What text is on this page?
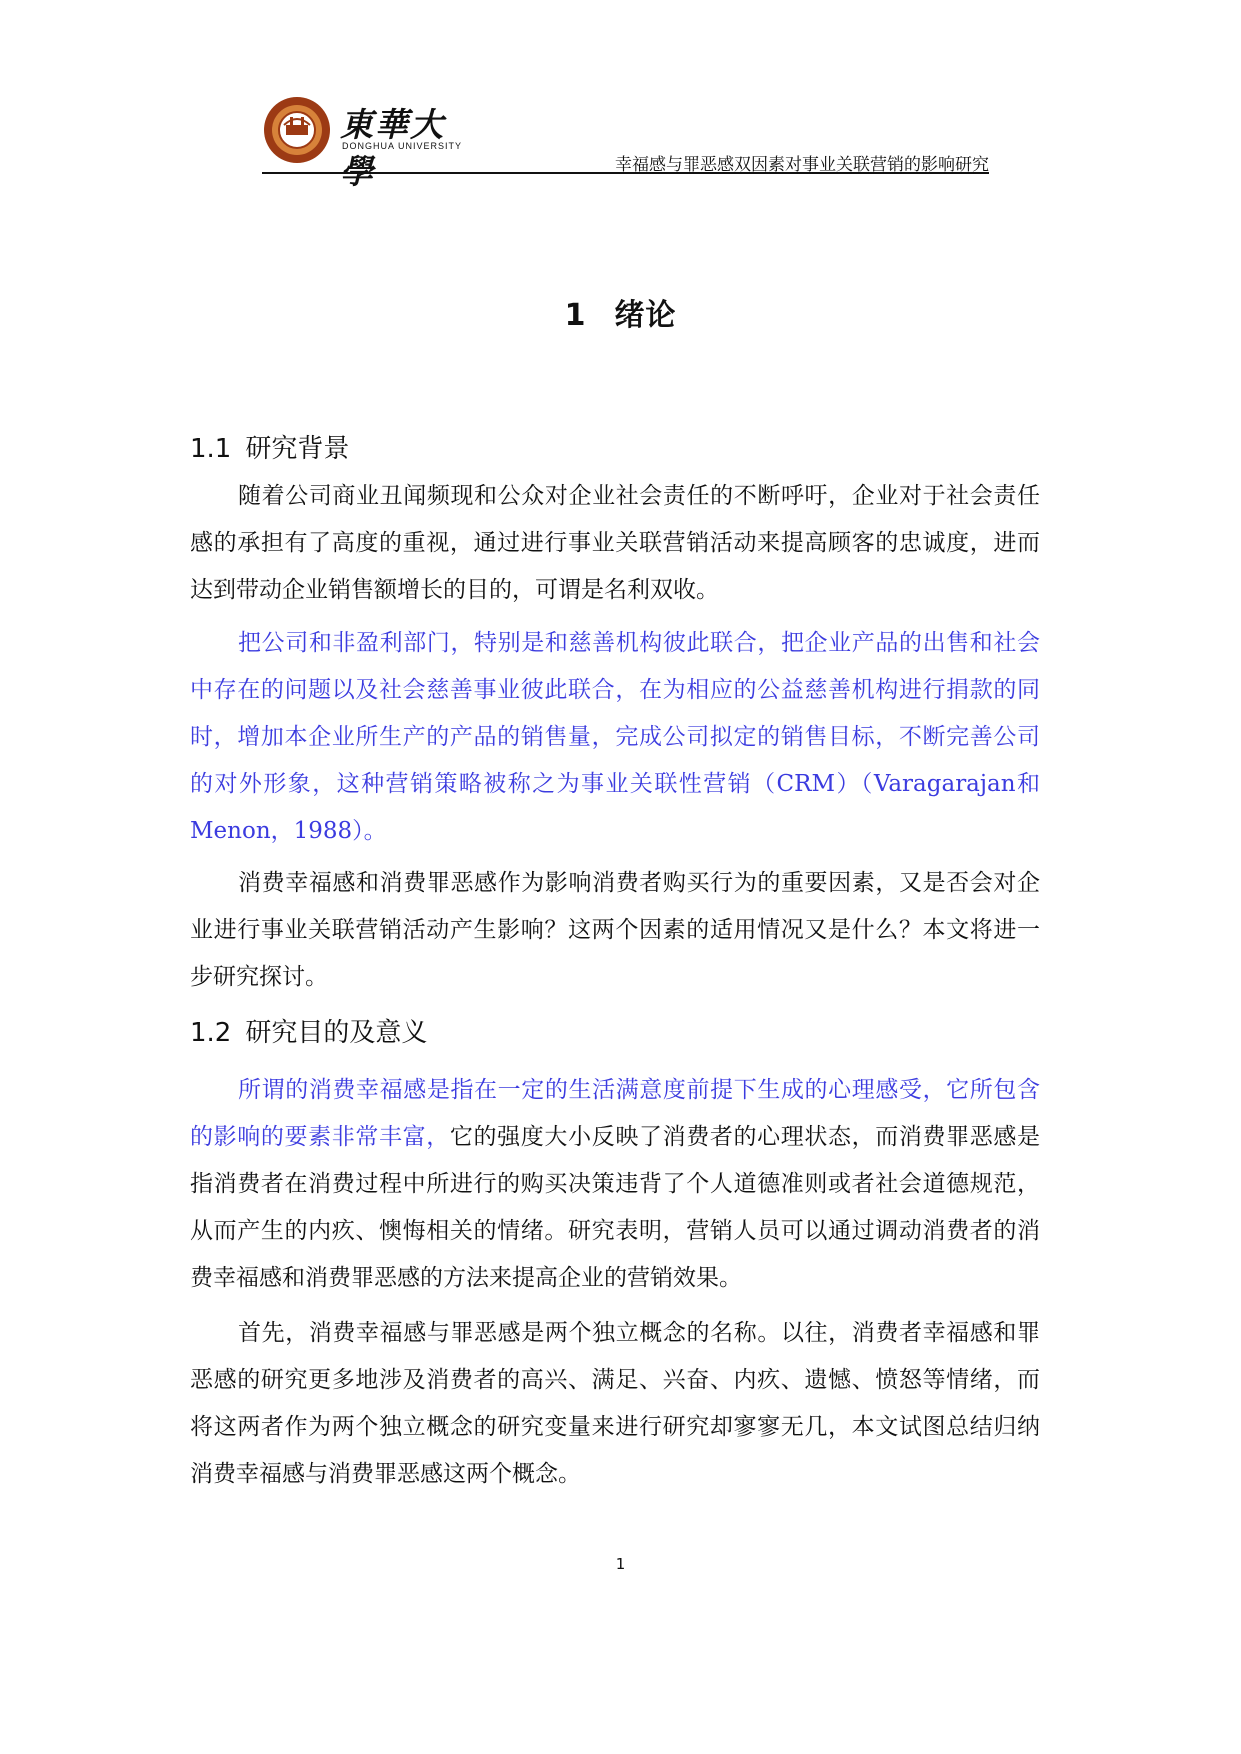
東華大學
DONGHUA UNIVERSITY
幸福感与罪恶感双因素对事业关联营销的影响研究
1 绪论
1.1 研究背景

随着公司商业丑闻频现和公众对企业社会责任的不断呼吁，企业对于社会责任感的承担有了高度的重视，通过进行事业关联营销活动来提高顾客的忠诚度，进而达到带动企业销售额增长的目的，可谓是名利双收。

把公司和非盈利部门，特别是和慈善机构彼此联合，把企业产品的出售和社会中存在的问题以及社会慈善事业彼此联合，在为相应的公益慈善机构进行捐款的同时，增加本企业所生产的产品的销售量，完成公司拟定的销售目标，不断完善公司的对外形象，这种营销策略被称之为事业关联性营销（CRM）（Varagarajan和Menon，1988）。

消费幸福感和消费罪恶感作为影响消费者购买行为的重要因素，又是否会对企业进行事业关联营销活动产生影响？这两个因素的适用情况又是什么？本文将进一步研究探讨。

1.2 研究目的及意义

所谓的消费幸福感是指在一定的生活满意度前提下生成的心理感受，它所包含的影响的要素非常丰富，它的强度大小反映了消费者的心理状态，而消费罪恶感是指消费者在消费过程中所进行的购买决策违背了个人道德准则或者社会道德规范，从而产生的内疚、懊悔相关的情绪。研究表明，营销人员可以通过调动消费者的消费幸福感和消费罪恶感的方法来提高企业的营销效果。

首先，消费幸福感与罪恶感是两个独立概念的名称。以往，消费者幸福感和罪恶感的研究更多地涉及消费者的高兴、满足、兴奋、内疚、遗憾、愤怒等情绪，而将这两者作为两个独立概念的研究变量来进行研究却寥寥无几，本文试图总结归纳消费幸福感与消费罪恶感这两个概念。

1
